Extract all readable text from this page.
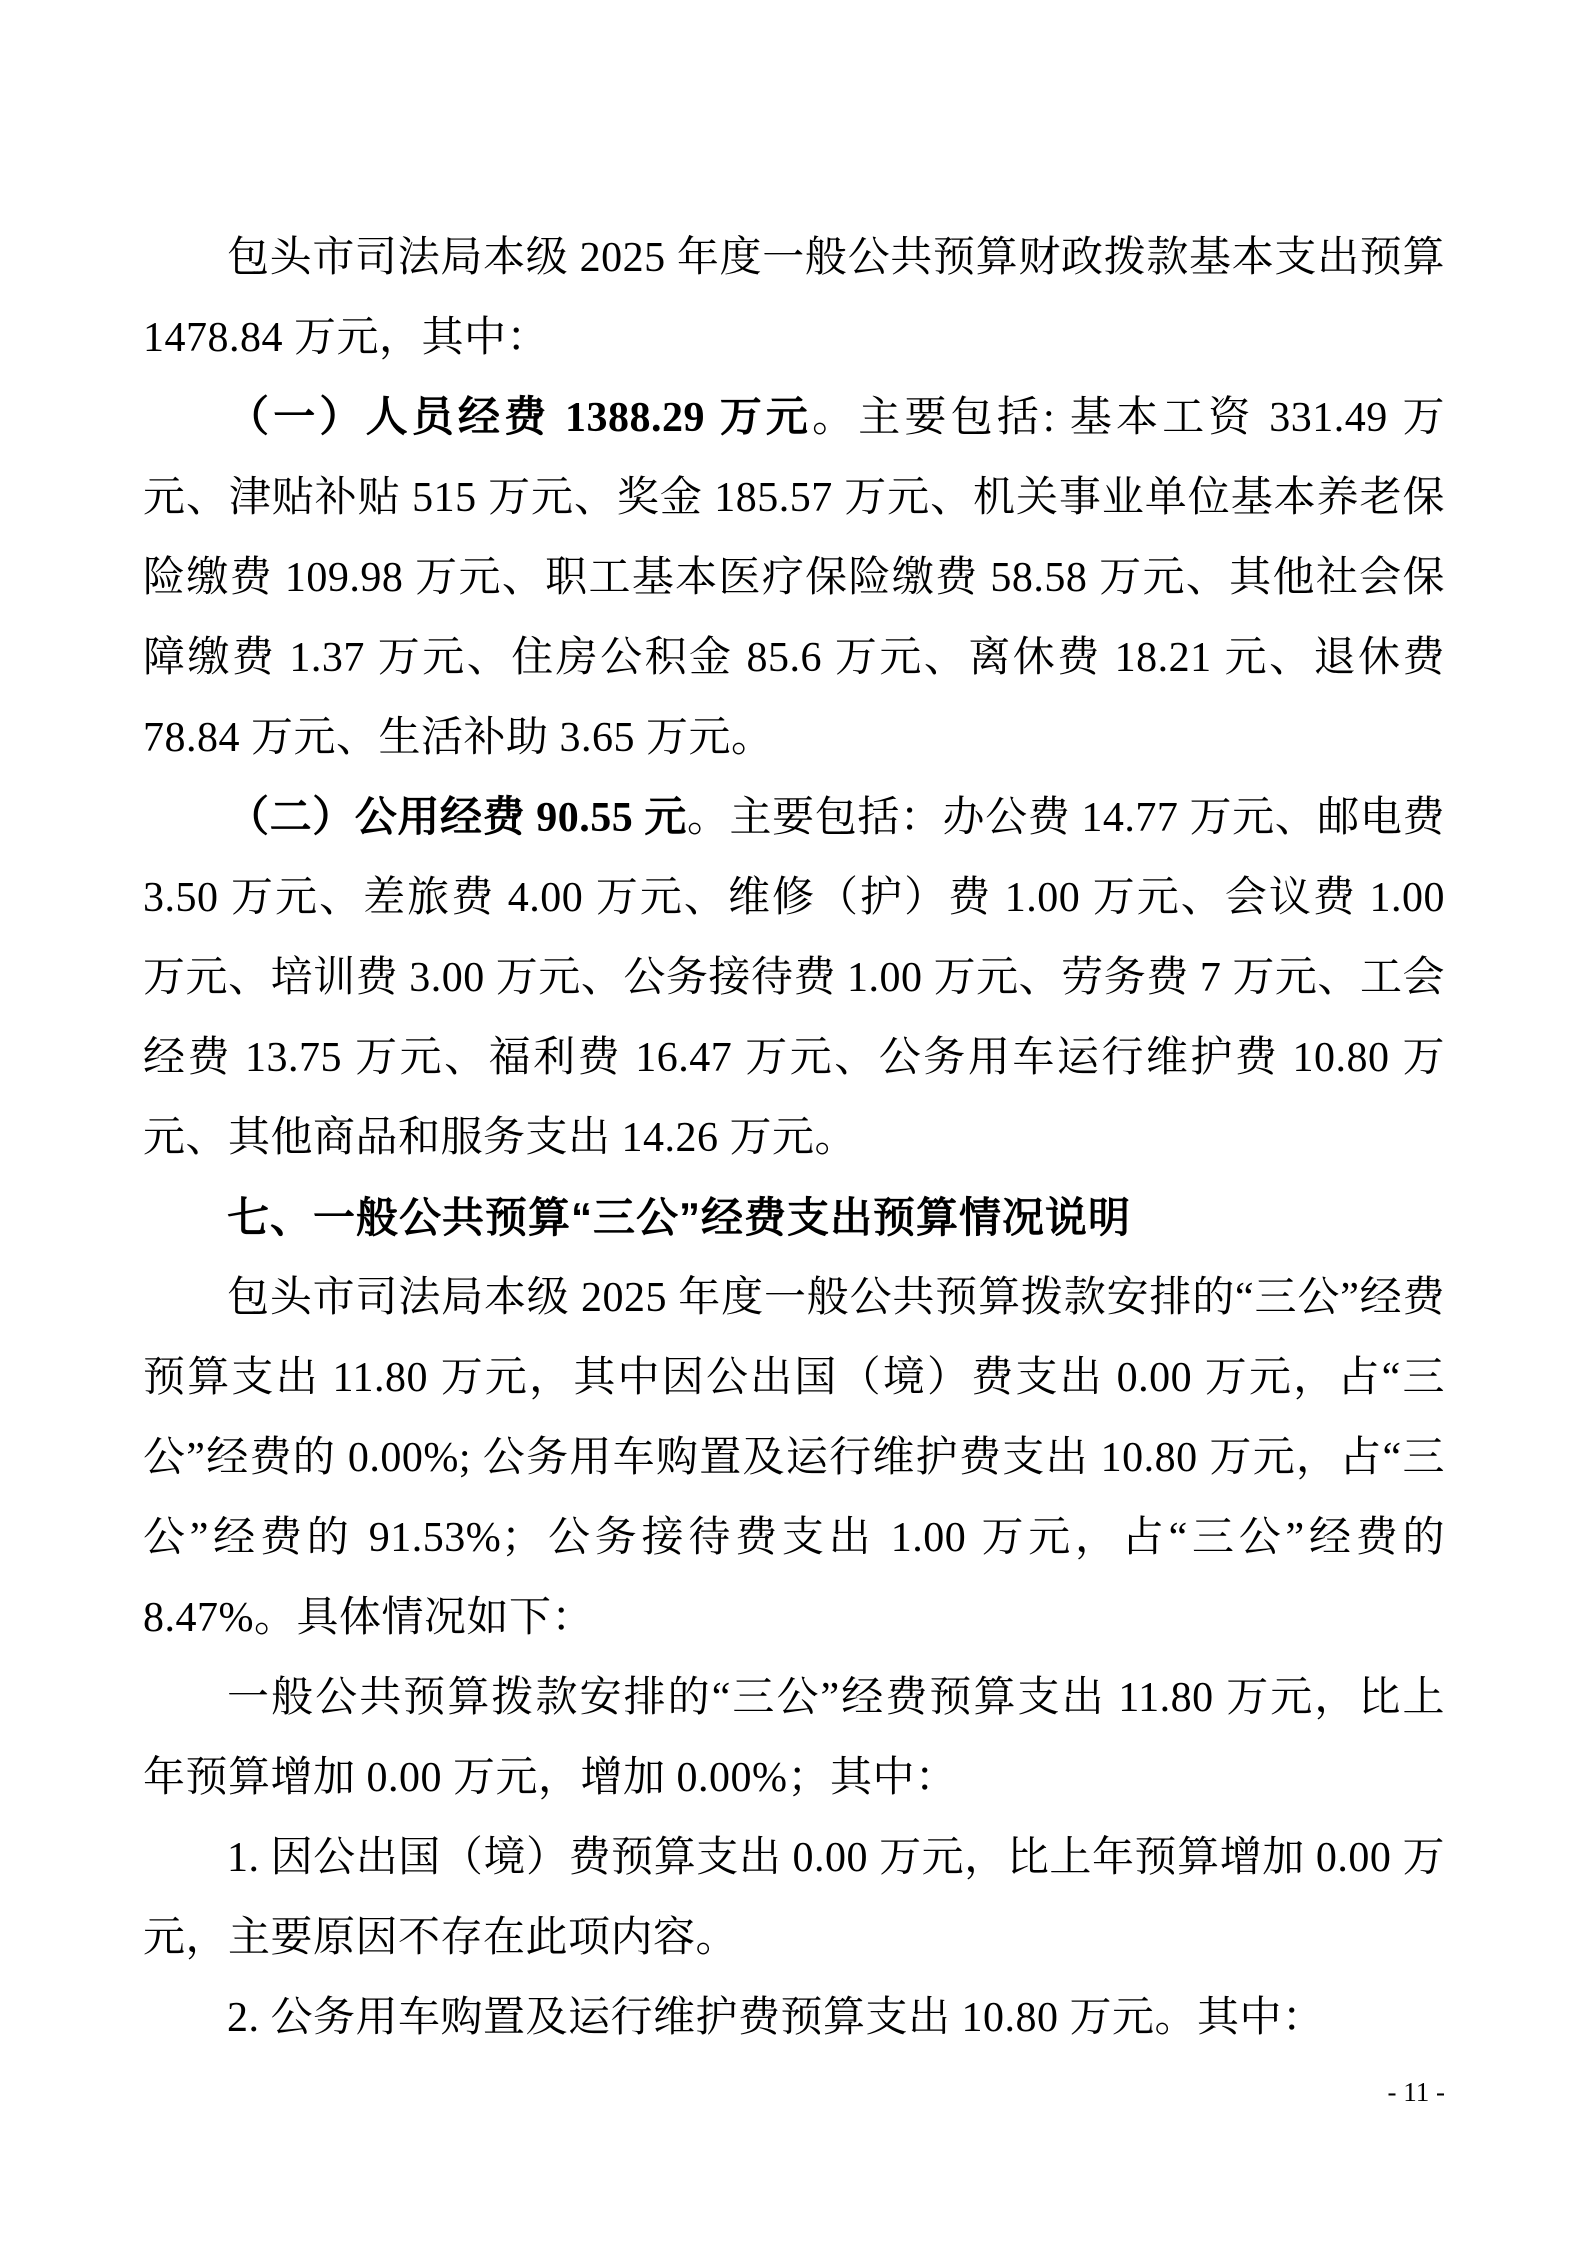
包头市司法局本级 2025 年度一般公共预算财政拨款基本支出预算 1478.84 万元，其中：

（一）人员经费 1388.29 万元。主要包括: 基本工资 331.49 万元、津贴补贴 515 万元、奖金 185.57 万元、机关事业单位基本养老保险缴费 109.98 万元、职工基本医疗保险缴费 58.58 万元、其他社会保障缴费 1.37 万元、住房公积金 85.6 万元、离休费 18.21 元、退休费 78.84 万元、生活补助 3.65 万元。

（二）公用经费 90.55 元。主要包括：办公费 14.77 万元、邮电费 3.50 万元、差旅费 4.00 万元、维修（护）费 1.00 万元、会议费 1.00 万元、培训费 3.00 万元、公务接待费 1.00 万元、劳务费 7 万元、工会经费 13.75 万元、福利费 16.47 万元、公务用车运行维护费 10.80 万元、其他商品和服务支出 14.26 万元。

七、一般公共预算“三公”经费支出预算情况说明

包头市司法局本级 2025 年度一般公共预算拨款安排的“三公”经费预算支出 11.80 万元，其中因公出国（境）费支出 0.00 万元，占“三公”经费的 0.00%; 公务用车购置及运行维护费支出 10.80 万元，占“三公”经费的 91.53%；公务接待费支出 1.00 万元，占“三公”经费的 8.47%。具体情况如下：

一般公共预算拨款安排的“三公”经费预算支出 11.80 万元，比上年预算增加 0.00 万元，增加 0.00%；其中：

1. 因公出国（境）费预算支出 0.00 万元，比上年预算增加 0.00 万元，主要原因不存在此项内容。

2. 公务用车购置及运行维护费预算支出 10.80 万元。其中：

- 11 -
